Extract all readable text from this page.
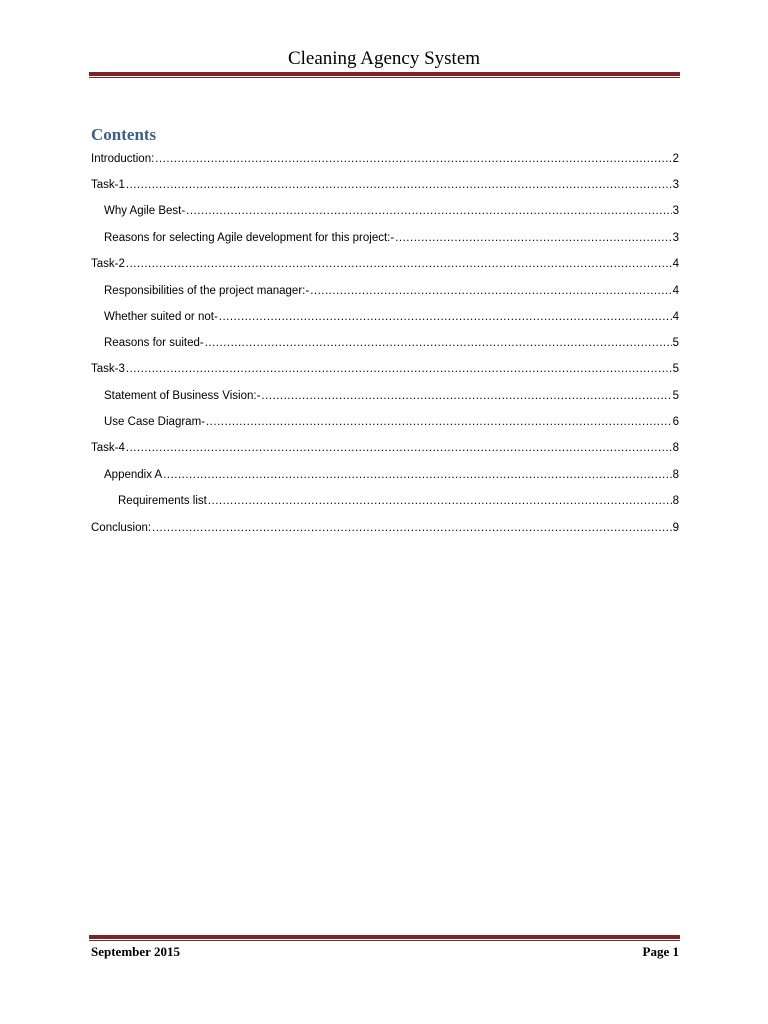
Cleaning Agency System
Contents
Introduction: .....	2
Task-1 .....	3
Why Agile Best- .....	3
Reasons for selecting Agile development for this project:- .....	3
Task-2 .....	4
Responsibilities of the project manager:- .....	4
Whether suited or not- .....	4
Reasons for suited- .....	5
Task-3 .....	5
Statement of Business Vision:- .....	5
Use Case Diagram- .....	6
Task-4 .....	8
Appendix A .....	8
Requirements list .....	8
Conclusion: .....	9
September 2015	Page 1
